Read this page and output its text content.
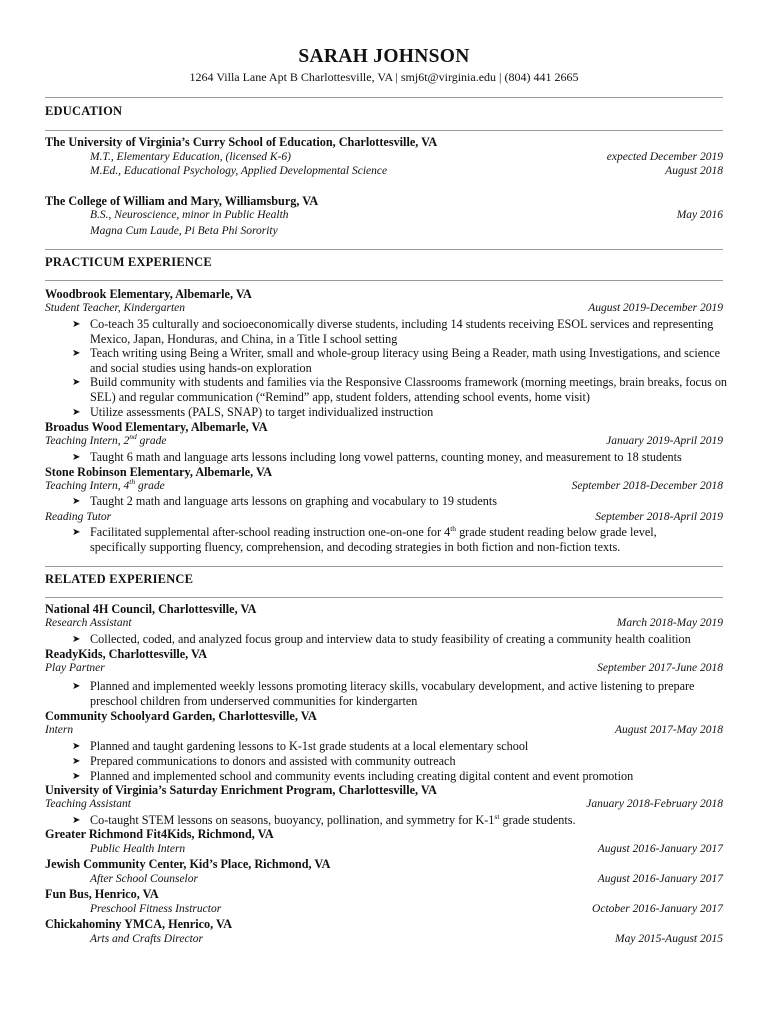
SARAH JOHNSON
1264 Villa Lane Apt B Charlottesville, VA | smj6t@virginia.edu | (804) 441 2665
EDUCATION
The University of Virginia’s Curry School of Education, Charlottesville, VA
M.T., Elementary Education, (licensed K-6)	expected December 2019
M.Ed., Educational Psychology, Applied Developmental Science	August 2018
The College of William and Mary, Williamsburg, VA
B.S., Neuroscience, minor in Public Health	May 2016
Magna Cum Laude, Pi Beta Phi Sorority
PRACTICUM EXPERIENCE
Woodbrook Elementary, Albemarle, VA
Student Teacher, Kindergarten	August 2019-December 2019
➤ Co-teach 35 culturally and socioeconomically diverse students, including 14 students receiving ESOL services and representing Mexico, Japan, Honduras, and China, in a Title I school setting
➤ Teach writing using Being a Writer, small and whole-group literacy using Being a Reader, math using Investigations, and science and social studies using hands-on exploration
➤ Build community with students and families via the Responsive Classrooms framework (morning meetings, brain breaks, focus on SEL) and regular communication (“Remind” app, student folders, attending school events, home visit)
➤ Utilize assessments (PALS, SNAP) to target individualized instruction
Broadus Wood Elementary, Albemarle, VA
Teaching Intern, 2nd grade	January 2019-April 2019
➤ Taught 6 math and language arts lessons including long vowel patterns, counting money, and measurement to 18 students
Stone Robinson Elementary, Albemarle, VA
Teaching Intern, 4th grade	September 2018-December 2018
➤ Taught 2 math and language arts lessons on graphing and vocabulary to 19 students
Reading Tutor	September 2018-April 2019
➤ Facilitated supplemental after-school reading instruction one-on-one for 4th grade student reading below grade level,
specifically supporting fluency, comprehension, and decoding strategies in both fiction and non-fiction texts.
RELATED EXPERIENCE
National 4H Council, Charlottesville, VA
Research Assistant	March 2018-May 2019
➤ Collected, coded, and analyzed focus group and interview data to study feasibility of creating a community health coalition
ReadyKids, Charlottesville, VA
Play Partner	September 2017-June 2018
➤ Planned and implemented weekly lessons promoting literacy skills, vocabulary development, and active listening to prepare preschool children from underserved communities for kindergarten
Community Schoolyard Garden, Charlottesville, VA
Intern	August 2017-May 2018
➤ Planned and taught gardening lessons to K-1st grade students at a local elementary school
➤ Prepared communications to donors and assisted with community outreach
➤ Planned and implemented school and community events including creating digital content and event promotion
University of Virginia’s Saturday Enrichment Program, Charlottesville, VA
Teaching Assistant	January 2018-February 2018
➤ Co-taught STEM lessons on seasons, buoyancy, pollination, and symmetry for K-1st grade students.
Greater Richmond Fit4Kids, Richmond, VA
Public Health Intern	August 2016-January 2017
Jewish Community Center, Kid’s Place, Richmond, VA
After School Counselor	August 2016-January 2017
Fun Bus, Henrico, VA
Preschool Fitness Instructor	October 2016-January 2017
Chickahominy YMCA, Henrico, VA
Arts and Crafts Director	May 2015-August 2015
